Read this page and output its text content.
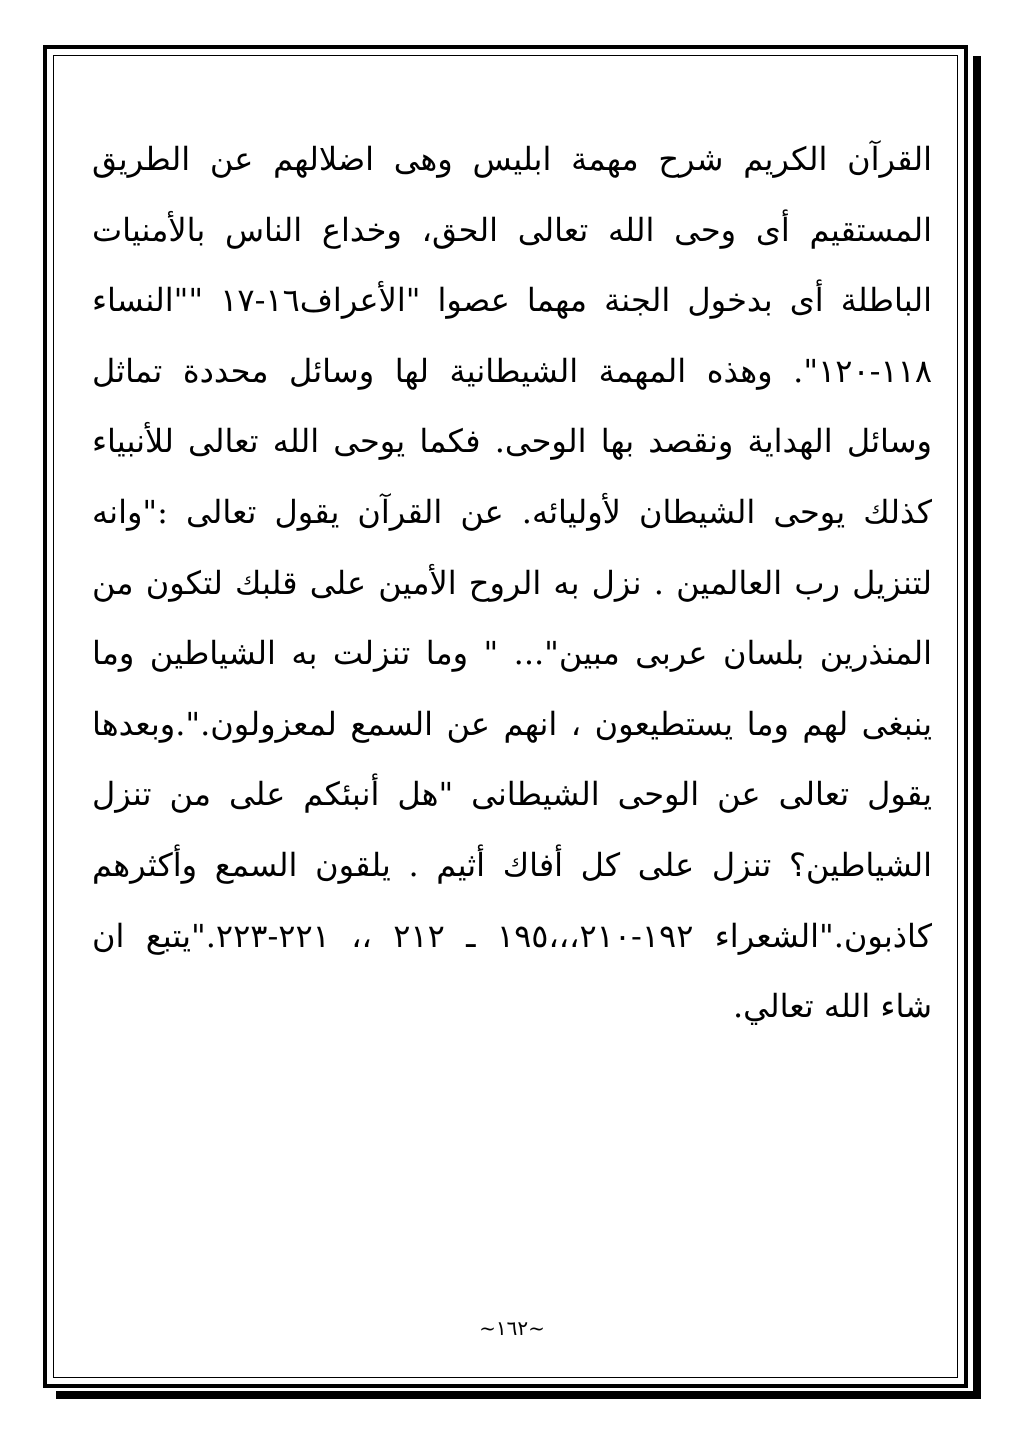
القرآن الكريم شرح مهمة ابليس وهى اضلالهم عن الطريق
المستقيم أى وحى الله تعالى الحق، وخداع الناس بالأمنيات
الباطلة أى بدخول الجنة مهما عصوا "الأعراف١٦-١٧ ""النساء
١١٨-١٢٠". وهذه المهمة الشيطانية لها وسائل محددة تماثل
وسائل الهداية ونقصد بها الوحى. فكما يوحى الله تعالى للأنبياء
كذلك يوحى الشيطان لأوليائه. عن القرآن يقول تعالى :"وانه
لتنزيل رب العالمين . نزل به الروح الأمين على قلبك لتكون من
المنذرين بلسان عربى مبين"... " وما تنزلت به الشياطين وما
ينبغى لهم وما يستطيعون ، انهم عن السمع لمعزولون.".وبعدها
يقول تعالى عن الوحى الشيطانى "هل أنبئكم على من تنزل
الشياطين؟ تنزل على كل أفاك أثيم . يلقون السمع وأكثرهم
كاذبون."الشعراء ١٩٢-٢١٠،،،١٩٥ ـ ٢١٢ ،، ٢٢١-٢٢٣."يتبع ان
شاء الله تعالي.
~١٦٢~
